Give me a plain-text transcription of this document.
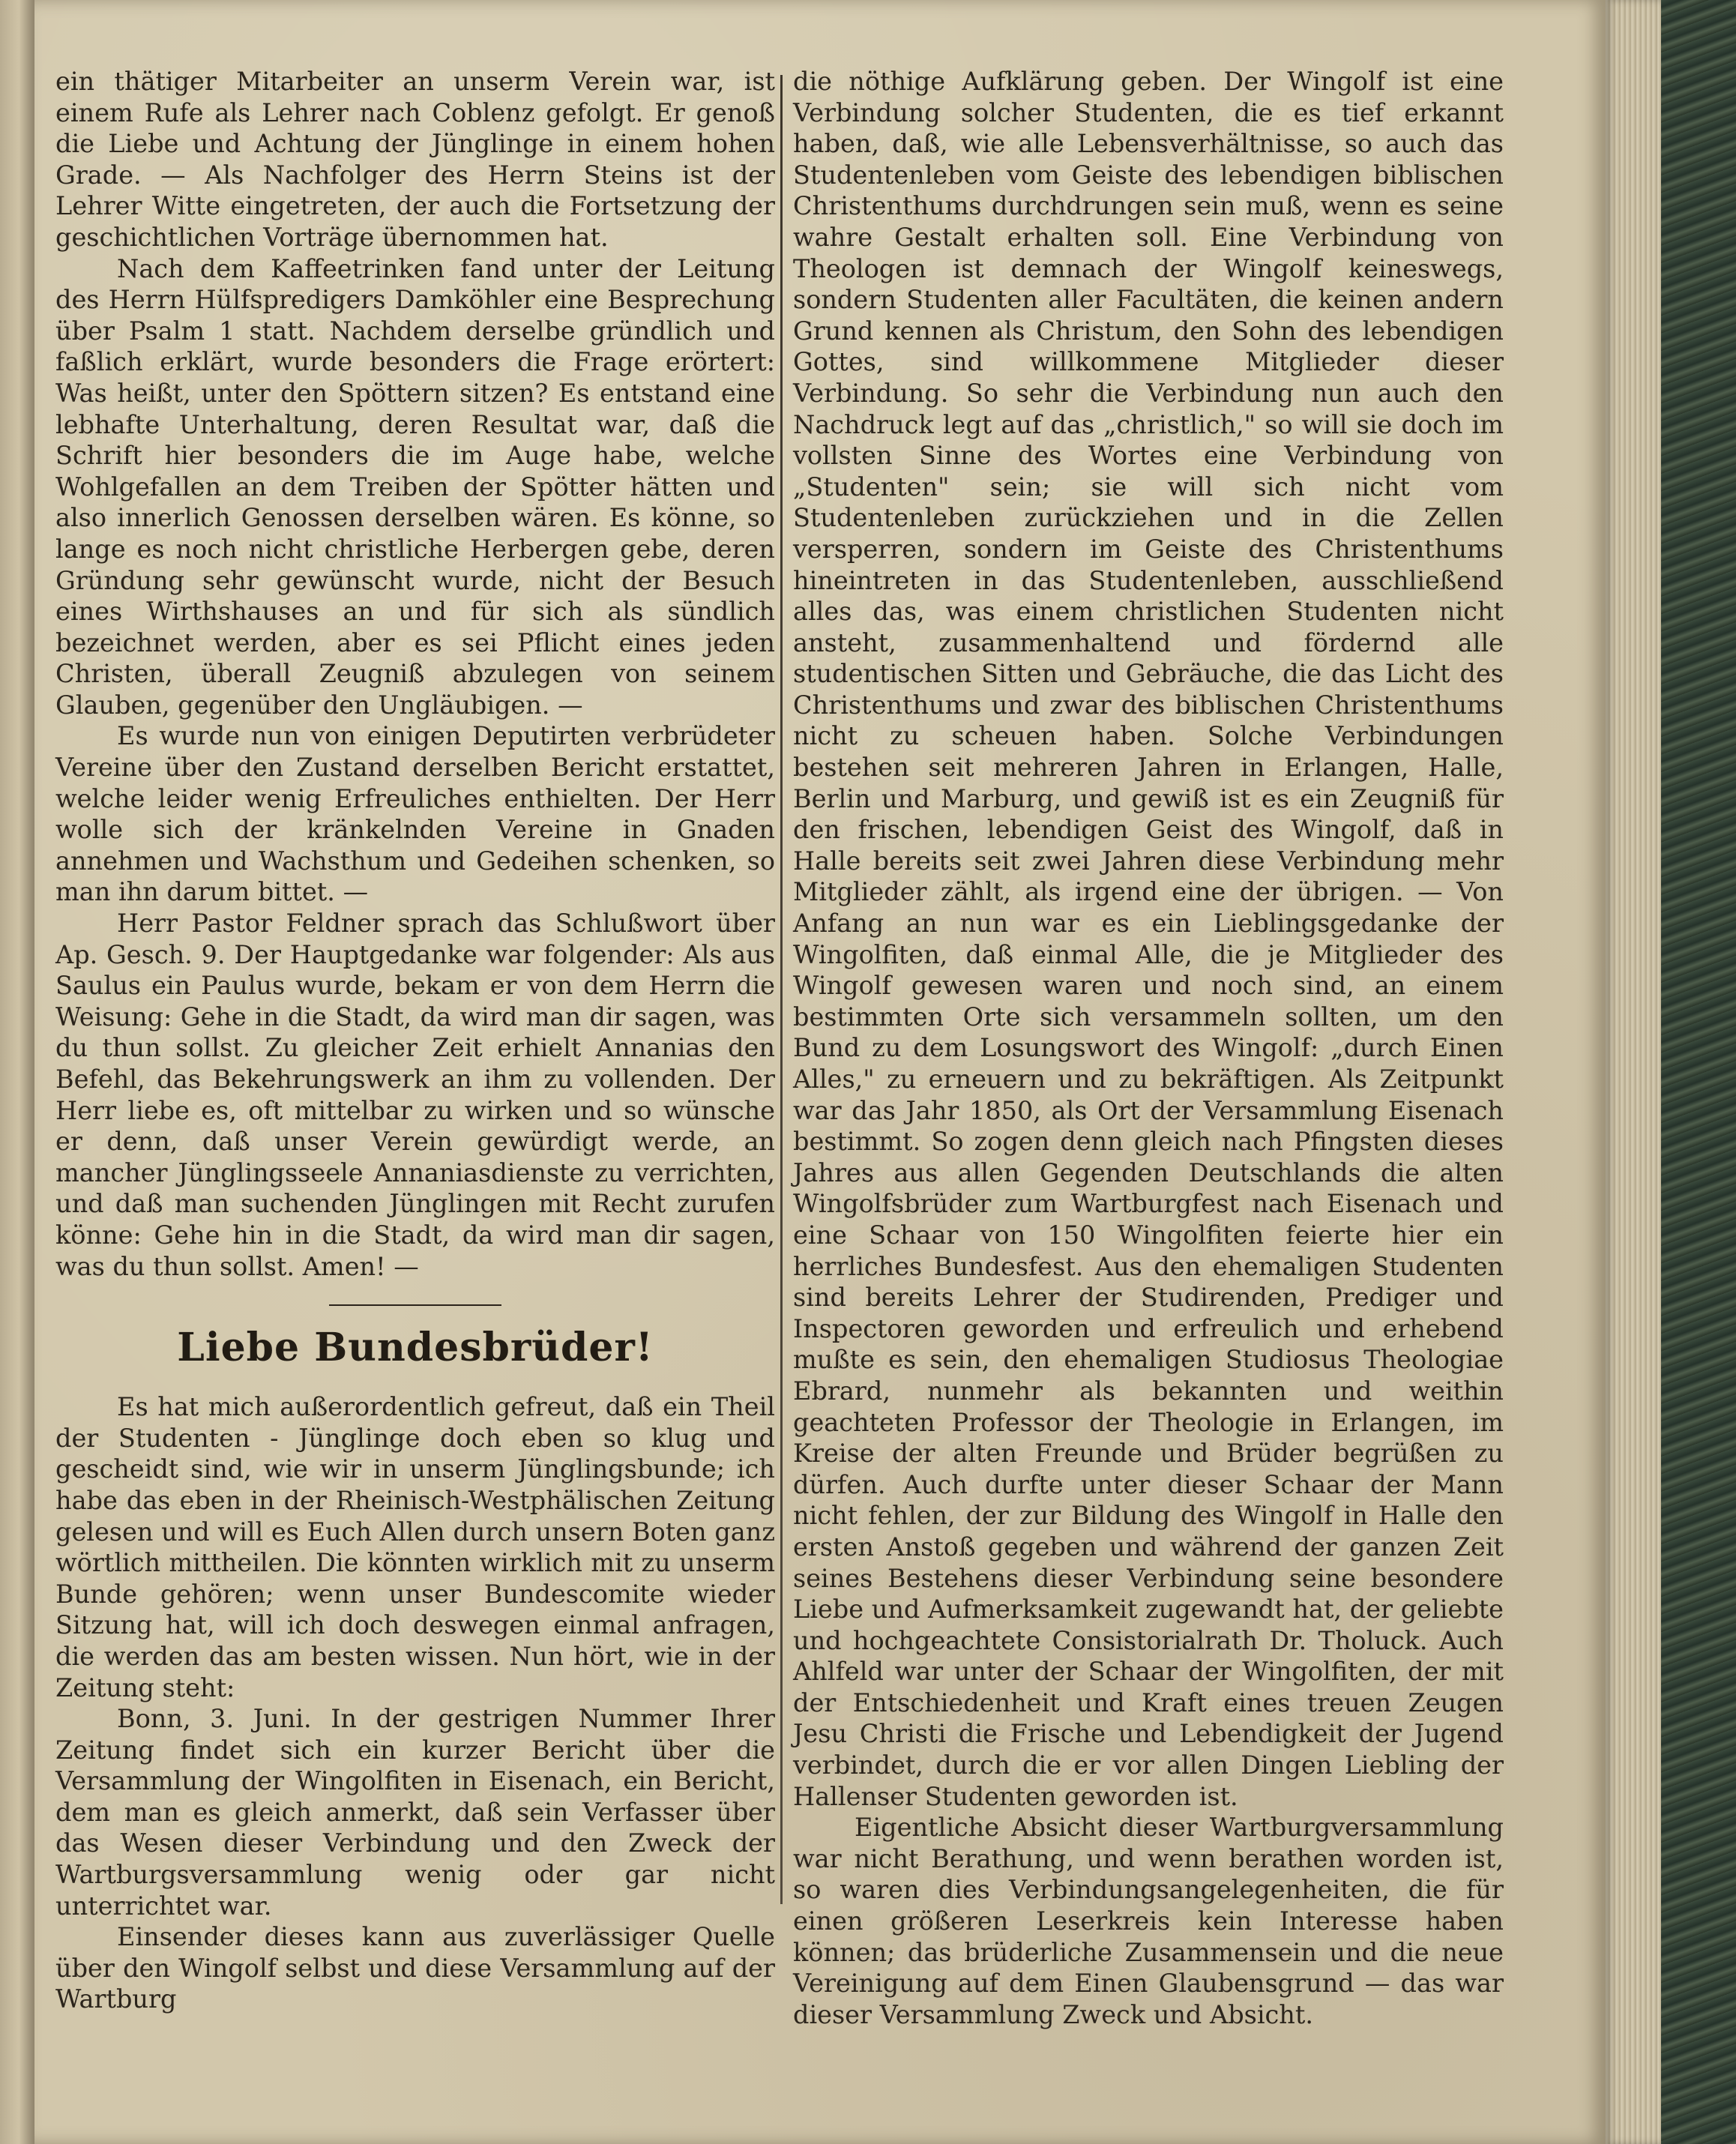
ein thätiger Mitarbeiter an unserm Verein war, ist einem Rufe als Lehrer nach Coblenz gefolgt. Er genoß die Liebe und Achtung der Jünglinge in einem hohen Grade. — Als Nachfolger des Herrn Steins ist der Lehrer Witte eingetreten, der auch die Fortsetzung der geschichtlichen Vorträge übernommen hat.

Nach dem Kaffeetrinken fand unter der Leitung des Herrn Hülfspredigers Damköhler eine Besprechung über Psalm 1 statt. Nachdem derselbe gründlich und faßlich erklärt, wurde besonders die Frage erörtert: Was heißt, unter den Spöttern sitzen? Es entstand eine lebhafte Unterhaltung, deren Resultat war, daß die Schrift hier besonders die im Auge habe, welche Wohlgefallen an dem Treiben der Spötter hätten und also innerlich Genossen derselben wären. Es könne, so lange es noch nicht christliche Herbergen gebe, deren Gründung sehr gewünscht wurde, nicht der Besuch eines Wirthshauses an und für sich als sündlich bezeichnet werden, aber es sei Pflicht eines jeden Christen, überall Zeugniß abzulegen von seinem Glauben, gegenüber den Ungläubigen. —

Es wurde nun von einigen Deputirten verbrüdeter Vereine über den Zustand derselben Bericht erstattet, welche leider wenig Erfreuliches enthielten. Der Herr wolle sich der kränkelnden Vereine in Gnaden annehmen und Wachsthum und Gedeihen schenken, so man ihn darum bittet. —

Herr Pastor Feldner sprach das Schlußwort über Ap. Gesch. 9. Der Hauptgedanke war folgender: Als aus Saulus ein Paulus wurde, bekam er von dem Herrn die Weisung: Gehe in die Stadt, da wird man dir sagen, was du thun sollst. Zu gleicher Zeit erhielt Annanias den Befehl, das Bekehrungswerk an ihm zu vollenden. Der Herr liebe es, oft mittelbar zu wirken und so wünsche er denn, daß unser Verein gewürdigt werde, an mancher Jünglingsseele Annaniasdienste zu verrichten, und daß man suchenden Jünglingen mit Recht zurufen könne: Gehe hin in die Stadt, da wird man dir sagen, was du thun sollst. Amen! —

Liebe Bundesbrüder!

Es hat mich außerordentlich gefreut, daß ein Theil der Studenten - Jünglinge doch eben so klug und gescheidt sind, wie wir in unserm Jünglingsbunde; ich habe das eben in der Rheinisch-Westphälischen Zeitung gelesen und will es Euch Allen durch unsern Boten ganz wörtlich mittheilen. Die könnten wirklich mit zu unserm Bunde gehören; wenn unser Bundescomite wieder Sitzung hat, will ich doch deswegen einmal anfragen, die werden das am besten wissen. Nun hört, wie in der Zeitung steht:

Bonn, 3. Juni. In der gestrigen Nummer Ihrer Zeitung findet sich ein kurzer Bericht über die Versammlung der Wingolfiten in Eisenach, ein Bericht, dem man es gleich anmerkt, daß sein Verfasser über das Wesen dieser Verbindung und den Zweck der Wartburgsversammlung wenig oder gar nicht unterrichtet war.

Einsender dieses kann aus zuverlässiger Quelle über den Wingolf selbst und diese Versammlung auf der Wartburg

die nöthige Aufklärung geben. Der Wingolf ist eine Verbindung solcher Studenten, die es tief erkannt haben, daß, wie alle Lebensverhältnisse, so auch das Studentenleben vom Geiste des lebendigen biblischen Christenthums durchdrungen sein muß, wenn es seine wahre Gestalt erhalten soll. Eine Verbindung von Theologen ist demnach der Wingolf keineswegs, sondern Studenten aller Facultäten, die keinen andern Grund kennen als Christum, den Sohn des lebendigen Gottes, sind willkommene Mitglieder dieser Verbindung. So sehr die Verbindung nun auch den Nachdruck legt auf das „christlich," so will sie doch im vollsten Sinne des Wortes eine Verbindung von „Studenten" sein; sie will sich nicht vom Studentenleben zurückziehen und in die Zellen versperren, sondern im Geiste des Christenthums hineintreten in das Studentenleben, ausschließend alles das, was einem christlichen Studenten nicht ansteht, zusammenhaltend und fördernd alle studentischen Sitten und Gebräuche, die das Licht des Christenthums und zwar des biblischen Christenthums nicht zu scheuen haben. Solche Verbindungen bestehen seit mehreren Jahren in Erlangen, Halle, Berlin und Marburg, und gewiß ist es ein Zeugniß für den frischen, lebendigen Geist des Wingolf, daß in Halle bereits seit zwei Jahren diese Verbindung mehr Mitglieder zählt, als irgend eine der übrigen. — Von Anfang an nun war es ein Lieblingsgedanke der Wingolfiten, daß einmal Alle, die je Mitglieder des Wingolf gewesen waren und noch sind, an einem bestimmten Orte sich versammeln sollten, um den Bund zu dem Losungswort des Wingolf: „durch Einen Alles," zu erneuern und zu bekräftigen. Als Zeitpunkt war das Jahr 1850, als Ort der Versammlung Eisenach bestimmt. So zogen denn gleich nach Pfingsten dieses Jahres aus allen Gegenden Deutschlands die alten Wingolfsbrüder zum Wartburgfest nach Eisenach und eine Schaar von 150 Wingolfiten feierte hier ein herrliches Bundesfest. Aus den ehemaligen Studenten sind bereits Lehrer der Studirenden, Prediger und Inspectoren geworden und erfreulich und erhebend mußte es sein, den ehemaligen Studiosus Theologiae Ebrard, nunmehr als bekannten und weithin geachteten Professor der Theologie in Erlangen, im Kreise der alten Freunde und Brüder begrüßen zu dürfen. Auch durfte unter dieser Schaar der Mann nicht fehlen, der zur Bildung des Wingolf in Halle den ersten Anstoß gegeben und während der ganzen Zeit seines Bestehens dieser Verbindung seine besondere Liebe und Aufmerksamkeit zugewandt hat, der geliebte und hochgeachtete Consistorialrath Dr. Tholuck. Auch Ahlfeld war unter der Schaar der Wingolfiten, der mit der Entschiedenheit und Kraft eines treuen Zeugen Jesu Christi die Frische und Lebendigkeit der Jugend verbindet, durch die er vor allen Dingen Liebling der Hallenser Studenten geworden ist.

Eigentliche Absicht dieser Wartburgversammlung war nicht Berathung, und wenn berathen worden ist, so waren dies Verbindungsangelegenheiten, die für einen größeren Leserkreis kein Interesse haben können; das brüderliche Zusammensein und die neue Vereinigung auf dem Einen Glaubensgrund — das war dieser Versammlung Zweck und Absicht.
